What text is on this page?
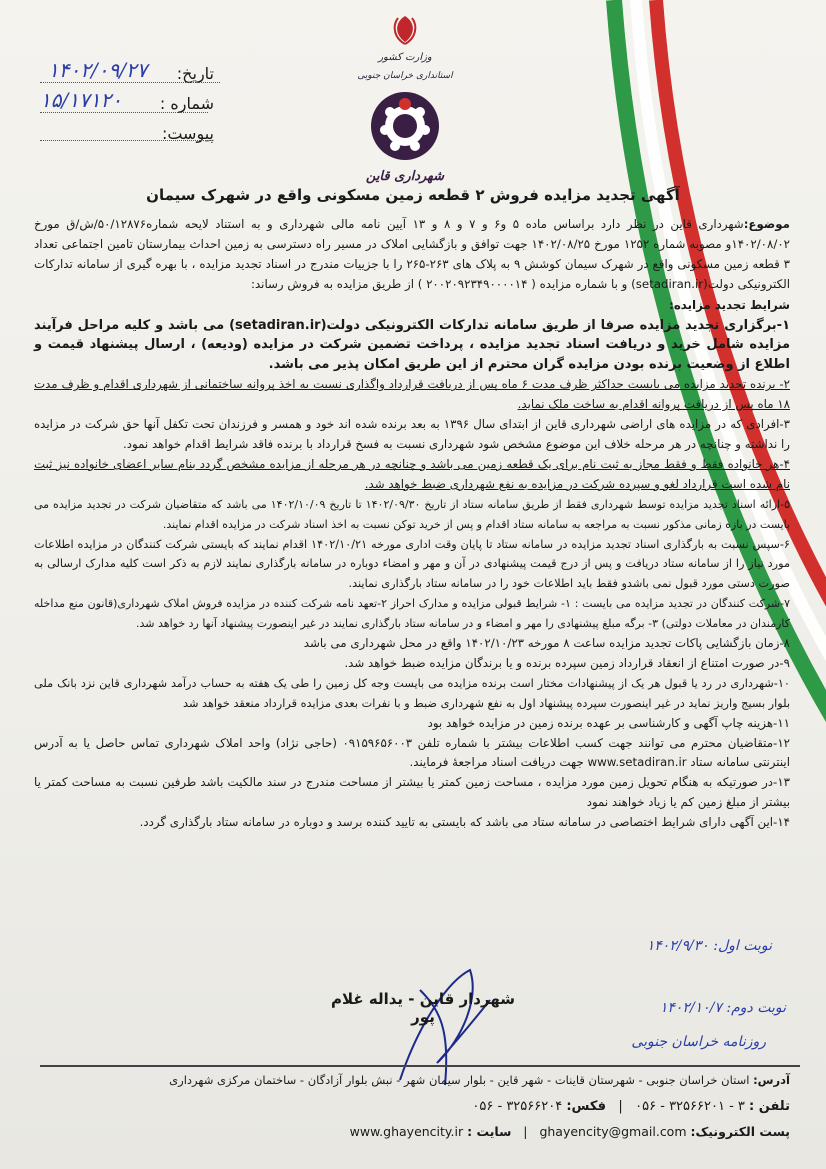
وزارت کشور
استانداری خراسان جنوبی
شهرداری قاین
تاریخ:
۱۴۰۲/۰۹/۲۷
شماره :
۱۵/۱۷۱۲۰
پیوست:
آگهی تجدید مزایده فروش ۲ قطعه زمین مسکونی واقع در شهرک سیمان

موضوع:شهرداری قاین در نظر دارد براساس ماده ۵ و۶ و ۷ و ۸ و ۱۳ آیین نامه مالی شهرداری و به استناد لایحه شماره۵۰/۱۲۸۷۶/ش/ق مورخ ۱۴۰۲/۰۸/۰۲و مصوبه شماره ۱۲۵۲ مورخ ۱۴۰۲/۰۸/۲۵ جهت توافق و بازگشایی املاک در مسیر راه دسترسی به زمین احداث بیمارستان تامین اجتماعی تعداد ۳ قطعه زمین مسکونی واقع در شهرک سیمان کوشش ۹ به پلاک های ۲۶۳-۲۶۵ را با جزییات مندرج در اسناد تجدید مزایده ، با بهره گیری از سامانه تدارکات الکترونیکی دولت(setadiran.ir) و با شماره مزایده ( ۲۰۰۲۰۹۲۳۴۹۰۰۰۰۱۴ ) از طریق مزایده به فروش رساند:

شرایط تجدید مزایده:

۱-برگزاری تجدید مزایده صرفا از طریق سامانه تدارکات الکترونیکی دولت(setadiran.ir) می باشد و کلیه مراحل فرآیند مزایده شامل خرید و دریافت اسناد تجدید مزایده ، پرداخت تضمین شرکت در مزایده (ودیعه) ، ارسال پیشنهاد قیمت و اطلاع از وضعیت برنده بودن مزایده گران محترم از این طریق امکان پذیر می باشد.

۲- برنده تجدید مزایده می بایست حداکثر ظرف مدت ۶ ماه پس از دریافت قرارداد واگذاری نسبت به اخذ پروانه ساختمانی از شهرداری اقدام و ظرف مدت ۱۸ ماه پس از دریافت پروانه اقدام به ساخت ملک نماید.

۳-افرادی که در مزایده های اراضی شهرداری قاین از ابتدای سال ۱۳۹۶ به بعد برنده شده اند خود و همسر و فرزندان تحت تکفل آنها حق شرکت در مزایده را نداشته و چنانچه در هر مرحله خلاف این موضوع مشخص شود شهرداری نسبت به فسخ قرارداد با برنده فاقد شرایط اقدام خواهد نمود.

۴-هر خانواده فقط و فقط مجاز به ثبت نام برای یک قطعه زمین می باشد و چنانچه در هر مرحله از مزایده مشخص گردد بنام سایر اعضای خانواده نیز ثبت نام شده است قرارداد لغو و سپرده شرکت در مزایده به نفع شهرداری ضبط خواهد شد.

۵-ارائه اسناد تجدید مزایده توسط شهرداری فقط از طریق سامانه ستاد از تاریخ ۱۴۰۲/۰۹/۳۰ تا تاریخ ۱۴۰۲/۱۰/۰۹ می باشد که متقاضیان شرکت در تجدید مزایده می بایست در بازه زمانی مذکور نسبت به مراجعه به سامانه ستاد اقدام و پس از خرید توکن نسبت به اخذ اسناد شرکت در مزایده اقدام نمایند.

۶-سپس نسبت به بارگذاری اسناد تجدید مزایده در سامانه ستاد تا پایان وقت اداری مورخه ۱۴۰۲/۱۰/۲۱ اقدام نمایند که بایستی شرکت کنندگان در مزایده اطلاعات مورد نیاز را از سامانه ستاد دریافت و پس از درج قیمت پیشنهادی در آن و مهر و امضاء دوباره در سامانه بارگذاری نمایند لازم به ذکر است کلیه مدارک ارسالی به صورت دستی مورد قبول نمی باشدو فقط باید اطلاعات خود را در سامانه ستاد بارگذاری نمایند.

۷-شرکت کنندگان در تجدید مزایده می بایست : ۱- شرایط قبولی مزایده و مدارک احراز ۲-تعهد نامه شرکت کننده در مزایده فروش املاک شهرداری(قانون منع مداخله کارمندان در معاملات دولتی) ۳- برگه مبلغ پیشنهادی را مهر و امضاء و در سامانه ستاد بارگذاری نمایند در غیر اینصورت پیشنهاد آنها رد خواهد شد.

۸-زمان بازگشایی پاکات تجدید مزایده ساعت ۸ مورخه ۱۴۰۲/۱۰/۲۳ واقع در محل شهرداری می باشد

۹-در صورت امتناع از انعقاد قرارداد زمین سپرده برنده و یا برندگان مزایده ضبط خواهد شد.

۱۰-شهرداری در رد یا قبول هر یک از پیشنهادات مختار است برنده مزایده می بایست وجه کل زمین را طی یک هفته به حساب درآمد شهرداری قاین نزد بانک ملی بلوار بسیج واریز نماید در غیر اینصورت سپرده پیشنهاد اول به نفع شهرداری ضبط و با نفرات بعدی مزایده قرارداد منعقد خواهد شد

۱۱-هزینه چاپ آگهی و کارشناسی بر عهده برنده زمین در مزایده خواهد بود

۱۲-متقاضیان محترم می توانند جهت کسب اطلاعات بیشتر با شماره تلفن ۰۹۱۵۹۶۵۶۰۰۳ (حاجی نژاد) واحد املاک شهرداری تماس حاصل یا به آدرس اینترنتی سامانه ستاد www.setadiran.ir جهت دریافت اسناد مراجعهٔ فرمایند.

۱۳-در صورتیکه به هنگام تحویل زمین مورد مزایده ، مساحت زمین کمتر یا بیشتر از مساحت مندرج در سند مالکیت باشد طرفین نسبت به مساحت کمتر یا بیشتر از مبلغ زمین کم یا زیاد خواهند نمود

۱۴-این آگهی دارای شرایط اختصاصی در سامانه ستاد می باشد که بایستی به تایید کننده برسد و دوباره در سامانه ستاد بارگذاری گردد.

نوبت اول: ۱۴۰۲/۹/۳۰
نوبت دوم: ۱۴۰۲/۱۰/۷
روزنامه خراسان جنوبی
شهردار قاین - یداله غلام پور
آدرس: استان خراسان جنوبی - شهرستان قاینات - شهر قاین - بلوار سیمان شهر - نبش بلوار آزادگان - ساختمان مرکزی شهرداری
تلفن : ۳ - ۳۲۵۶۶۲۰۱ - ۰۵۶   |   فکس: ۳۲۵۶۶۲۰۴ - ۰۵۶
پست الکترونیک: ghayencity@gmail.com   |   سایت : www.ghayencity.ir
